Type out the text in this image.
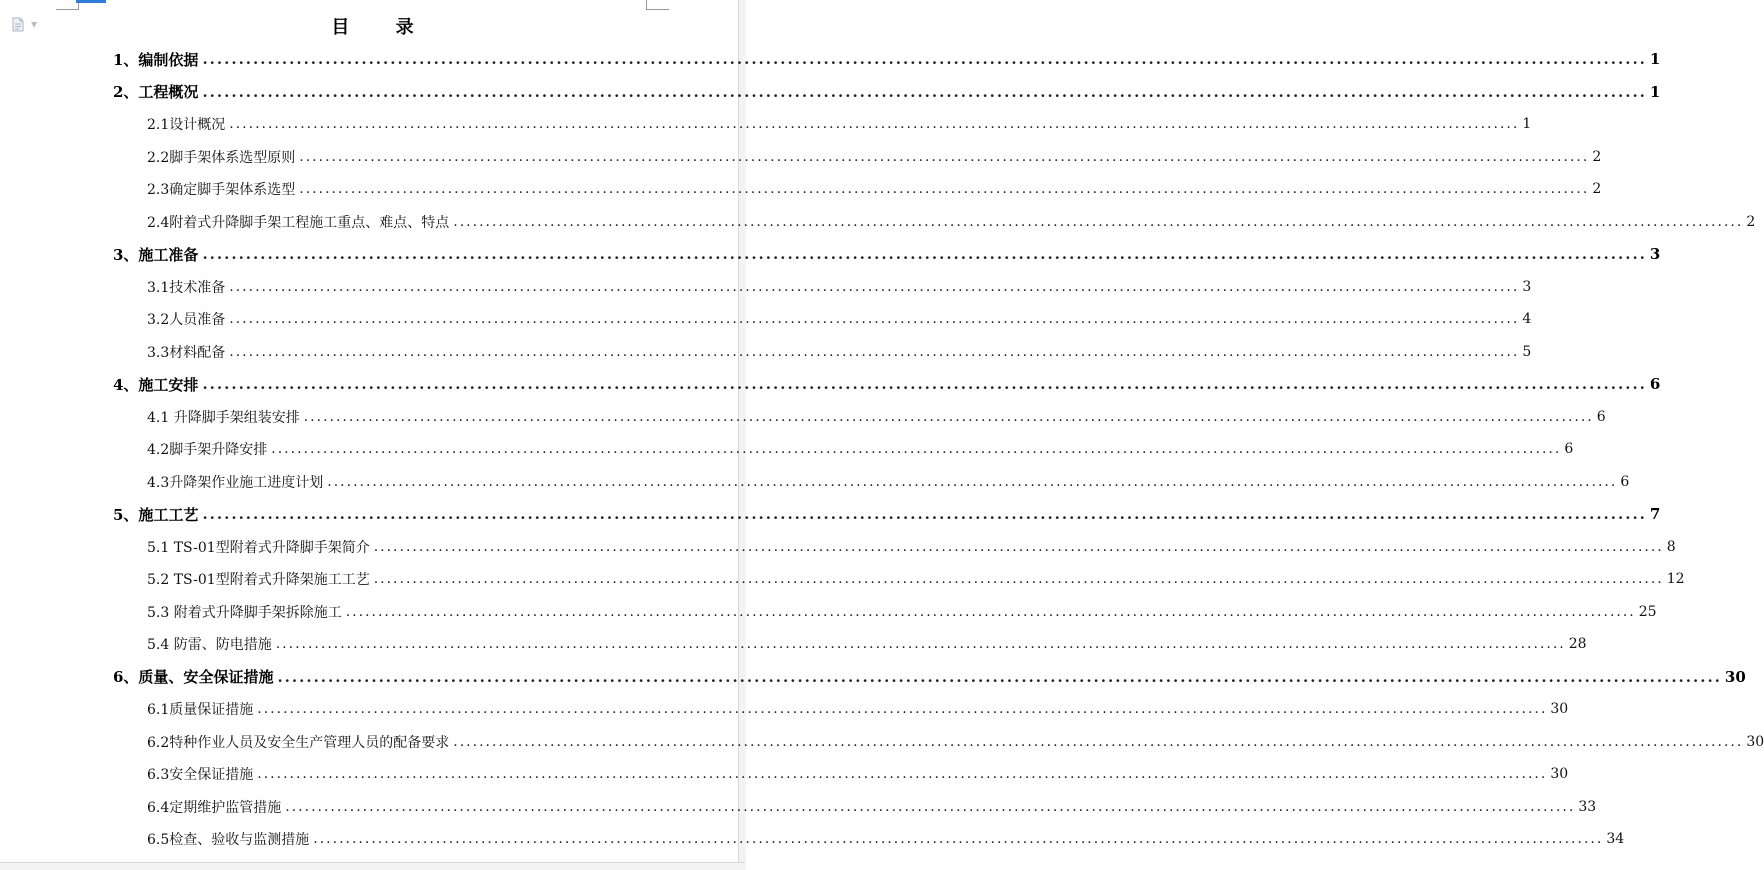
▼	目 录
1、编制依据 ........................................................................................................................................................................................................ 1
2、工程概况 ........................................................................................................................................................................................................ 1
2.1设计概况 ........................................................................................................................................................................................................ 1
2.2脚手架体系选型原则 ........................................................................................................................................................................................................ 2
2.3确定脚手架体系选型 ........................................................................................................................................................................................................ 2
2.4附着式升降脚手架工程施工重点、难点、特点 ........................................................................................................................................................................................................ 2
3、施工准备 ........................................................................................................................................................................................................ 3
3.1技术准备 ........................................................................................................................................................................................................ 3
3.2人员准备 ........................................................................................................................................................................................................ 4
3.3材料配备 ........................................................................................................................................................................................................ 5
4、施工安排 ........................................................................................................................................................................................................ 6
4.1 升降脚手架组装安排 ........................................................................................................................................................................................................ 6
4.2脚手架升降安排 ........................................................................................................................................................................................................ 6
4.3升降架作业施工进度计划 ........................................................................................................................................................................................................ 6
5、施工工艺 ........................................................................................................................................................................................................ 7
5.1 TS-01型附着式升降脚手架简介 ........................................................................................................................................................................................................ 8
5.2 TS-01型附着式升降架施工工艺 ........................................................................................................................................................................................................ 12
5.3 附着式升降脚手架拆除施工 ........................................................................................................................................................................................................ 25
5.4 防雷、防电措施 ........................................................................................................................................................................................................ 28
6、质量、安全保证措施 ........................................................................................................................................................................................................ 30
6.1质量保证措施 ........................................................................................................................................................................................................ 30
6.2特种作业人员及安全生产管理人员的配备要求 ........................................................................................................................................................................................................ 30
6.3安全保证措施 ........................................................................................................................................................................................................ 30
6.4定期维护监管措施 ........................................................................................................................................................................................................ 33
6.5检查、验收与监测措施 ........................................................................................................................................................................................................ 34
